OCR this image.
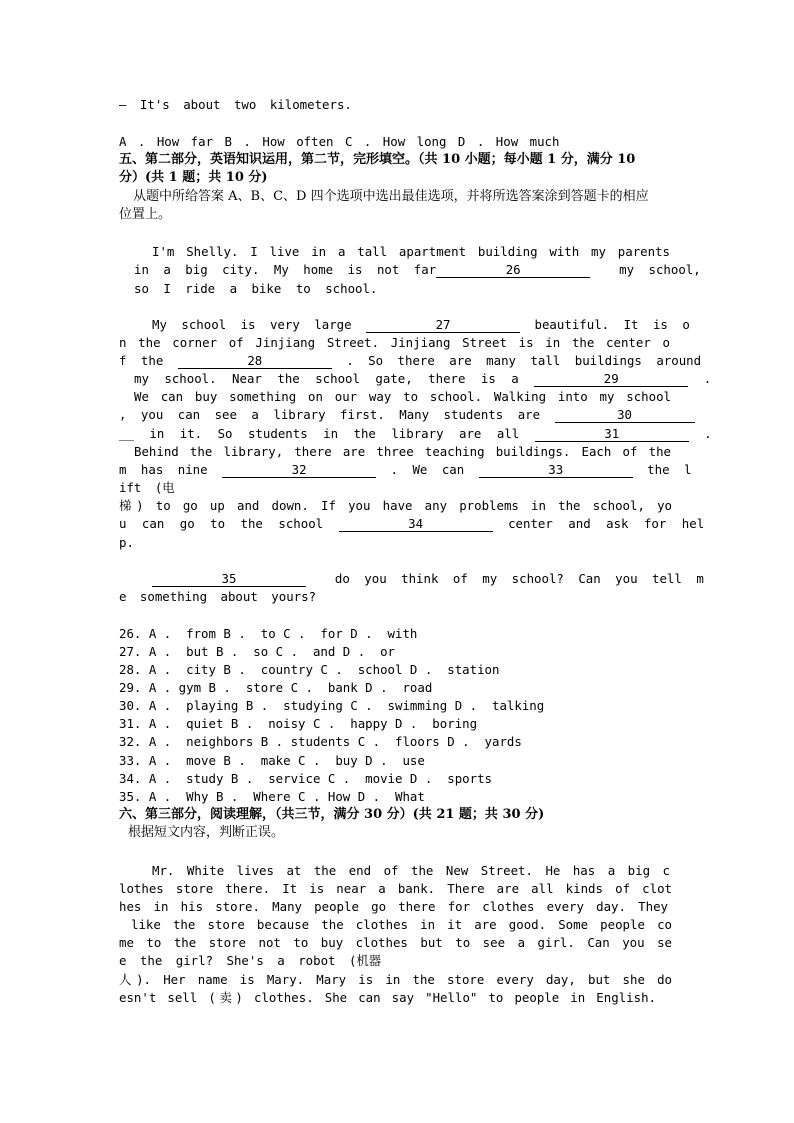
— It's about two kilometers.
A . How far B . How often C . How long D . How much
五、第二部分，英语知识运用，第二节，完形填空。（共 10 小题；每小题 1 分，满分 10
分）(共 1 题；共 10 分)
从题中所给答案 A、B、C、D 四个选项中选出最佳选项，并将所选答案涂到答题卡的相应
位置上。
I'm Shelly. I live in a tall apartment building with my parents
in a big city. My home is not far	26	my school,
so I ride a bike to school.
My school is very large	27	beautiful. It is o
n the corner of Jinjiang Street. Jinjiang Street is in the center o
f the	28	. So there are many tall buildings around
my school. Near the school gate, there is a	29	.
We can buy something on our way to school. Walking into my school
, you can see a library first. Many students are	30
__ in it. So students in the library are all	31	.
Behind the library, there are three teaching buildings. Each of the
m has nine	32	. We can	33	the l
ift (电
梯) to go up and down. If you have any problems in the school, yo
u can go to the school	34	center and ask for hel
p.
35	do you think of my school? Can you tell m
e something about yours?
26. A .  from B .  to C .  for D .  with
27. A .  but B .  so C .  and D .  or
28. A .  city B .  country C .  school D .  station
29. A . gym B .  store C .  bank D .  road
30. A .  playing B .  studying C .  swimming D .  talking
31. A .  quiet B .  noisy C .  happy D .  boring
32. A .  neighbors B . students C .  floors D .  yards
33. A .  move B .  make C .  buy D .  use
34. A .  study B .  service C .  movie D .  sports
35. A .  Why B .  Where C . How D .  What
六、第三部分，阅读理解，（共三节，满分 30 分）(共 21 题；共 30 分)
根据短文内容，判断正误。
Mr. White lives at the end of the New Street. He has a big c
lothes store there. It is near a bank. There are all kinds of clot
hes in his store. Many people go there for clothes every day. They
like the store because the clothes in it are good. Some people co
me to the store not to buy clothes but to see a girl. Can you se
e the girl? She's a robot (机器
人). Her name is Mary. Mary is in the store every day, but she do
esn't sell (卖) clothes. She can say "Hello" to people in English.
